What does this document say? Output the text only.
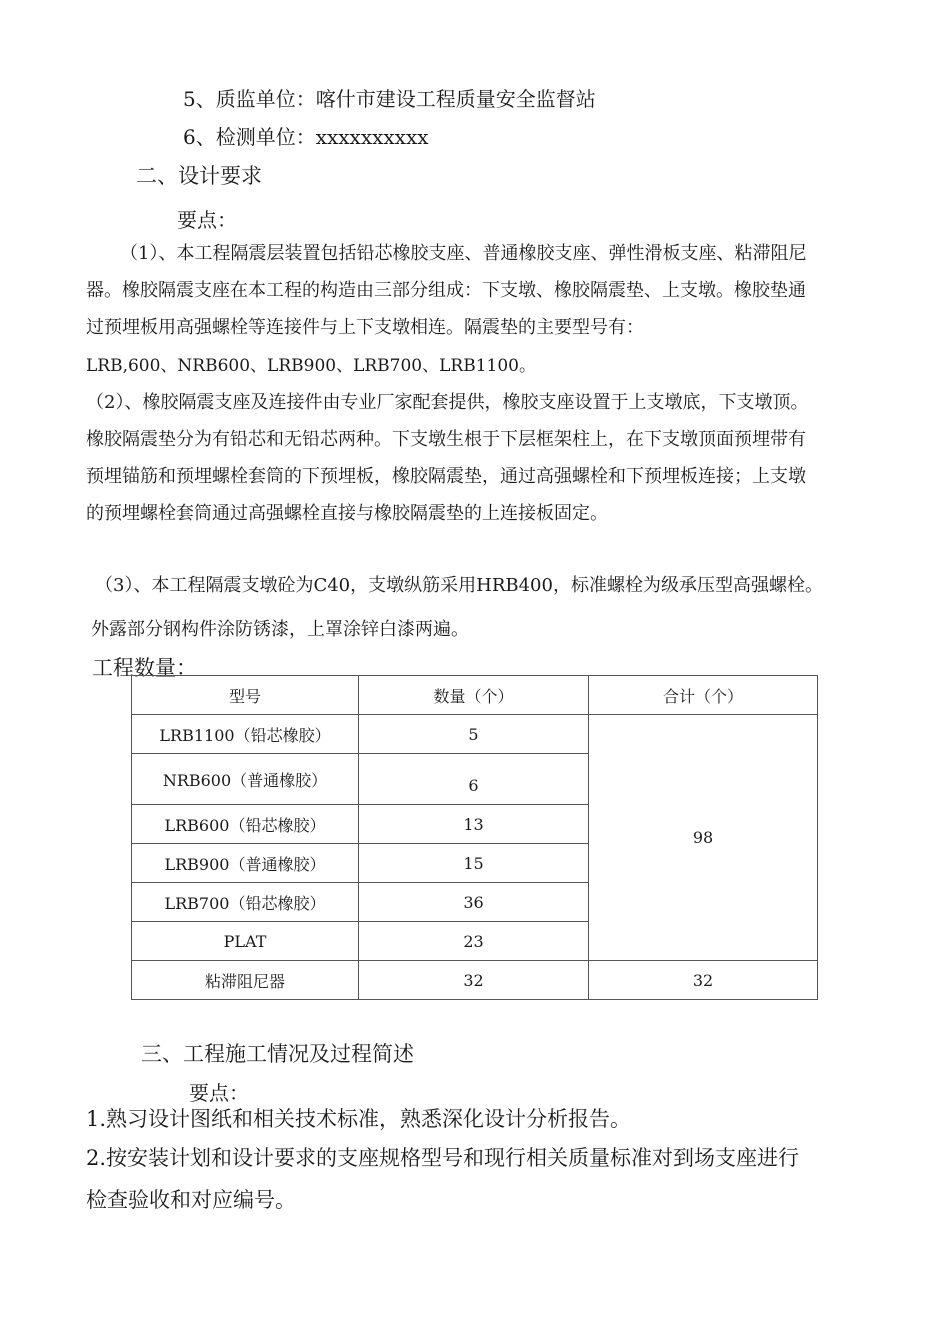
5、质监单位：喀什市建设工程质量安全监督站
6、检测单位：xxxxxxxxxx
二、设计要求
要点：
（1）、本工程隔震层装置包括铅芯橡胶支座、普通橡胶支座、弹性滑板支座、粘滞阻尼
器。橡胶隔震支座在本工程的构造由三部分组成：下支墩、橡胶隔震垫、上支墩。橡胶垫通
过预埋板用高强螺栓等连接件与上下支墩相连。隔震垫的主要型号有：
LRB,600、NRB600、LRB900、LRB700、LRB1100。
（2）、橡胶隔震支座及连接件由专业厂家配套提供，橡胶支座设置于上支墩底，下支墩顶。
橡胶隔震垫分为有铅芯和无铅芯两种。下支墩生根于下层框架柱上，在下支墩顶面预埋带有
预埋锚筋和预埋螺栓套筒的下预埋板，橡胶隔震垫，通过高强螺栓和下预埋板连接；上支墩
的预埋螺栓套筒通过高强螺栓直接与橡胶隔震垫的上连接板固定。
（3）、本工程隔震支墩砼为C40，支墩纵筋采用HRB400，标准螺栓为级承压型高强螺栓。
外露部分钢构件涂防锈漆，上罩涂锌白漆两遍。
工程数量：
型号	数量（个）	合计（个）
LRB1100（铅芯橡胶）	5	98
NRB600（普通橡胶）	6	
LRB600（铅芯橡胶）	13	
LRB900（普通橡胶）	15	
LRB700（铅芯橡胶）	36	
PLAT	23	
粘滞阻尼器	32	32
三、工程施工情况及过程简述
要点：
1.熟习设计图纸和相关技术标准，熟悉深化设计分析报告。
2.按安装计划和设计要求的支座规格型号和现行相关质量标准对到场支座进行
检查验收和对应编号。
